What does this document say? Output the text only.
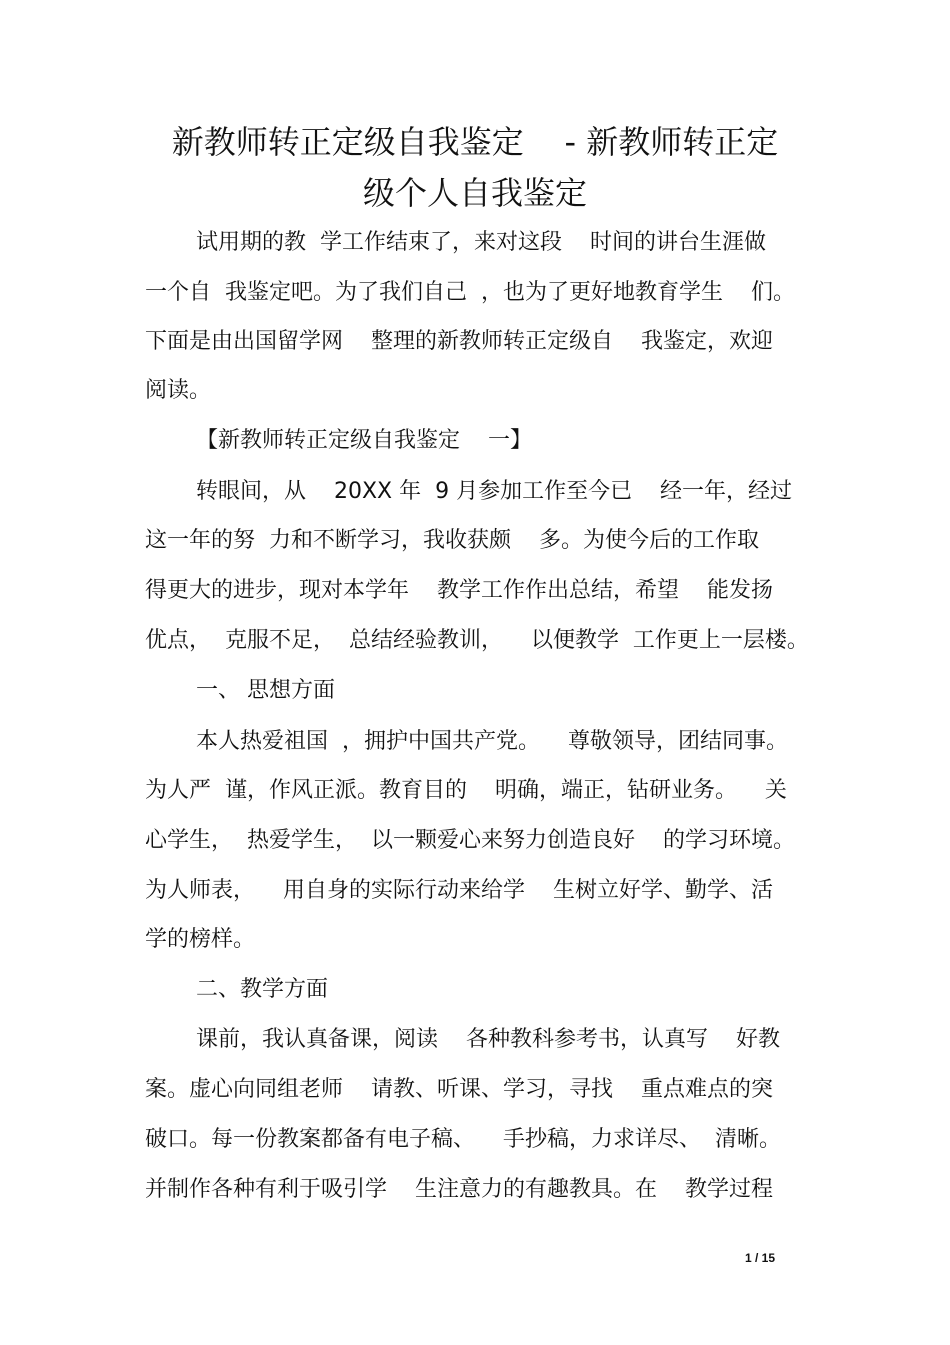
新教师转正定级自我鉴定    - 新教师转正定
级个人自我鉴定
试用期的教  学工作结束了，来对这段    时间的讲台生涯做
一个自  我鉴定吧。为了我们自己  ，也为了更好地教育学生    们。
下面是由出国留学网    整理的新教师转正定级自    我鉴定，欢迎
阅读。
【新教师转正定级自我鉴定    一】
转眼间，从    20XX 年  9 月参加工作至今已    经一年，经过
这一年的努  力和不断学习，我收获颇    多。为使今后的工作取
得更大的进步，现对本学年    教学工作作出总结，希望    能发扬
优点，  克服不足，  总结经验教训，    以便教学  工作更上一层楼。
一、 思想方面
本人热爱祖国  ，拥护中国共产党。    尊敬领导，团结同事。
为人严  谨，作风正派。教育目的    明确，端正，钻研业务。    关
心学生，  热爱学生，  以一颗爱心来努力创造良好    的学习环境。
为人师表，    用自身的实际行动来给学    生树立好学、勤学、活
学的榜样。
二、教学方面
课前，我认真备课，阅读    各种教科参考书，认真写    好教
案。虚心向同组老师    请教、听课、学习，寻找    重点难点的突
破口。每一份教案都备有电子稿、    手抄稿，力求详尽、  清晰。
并制作各种有利于吸引学    生注意力的有趣教具。在    教学过程
1 / 15
